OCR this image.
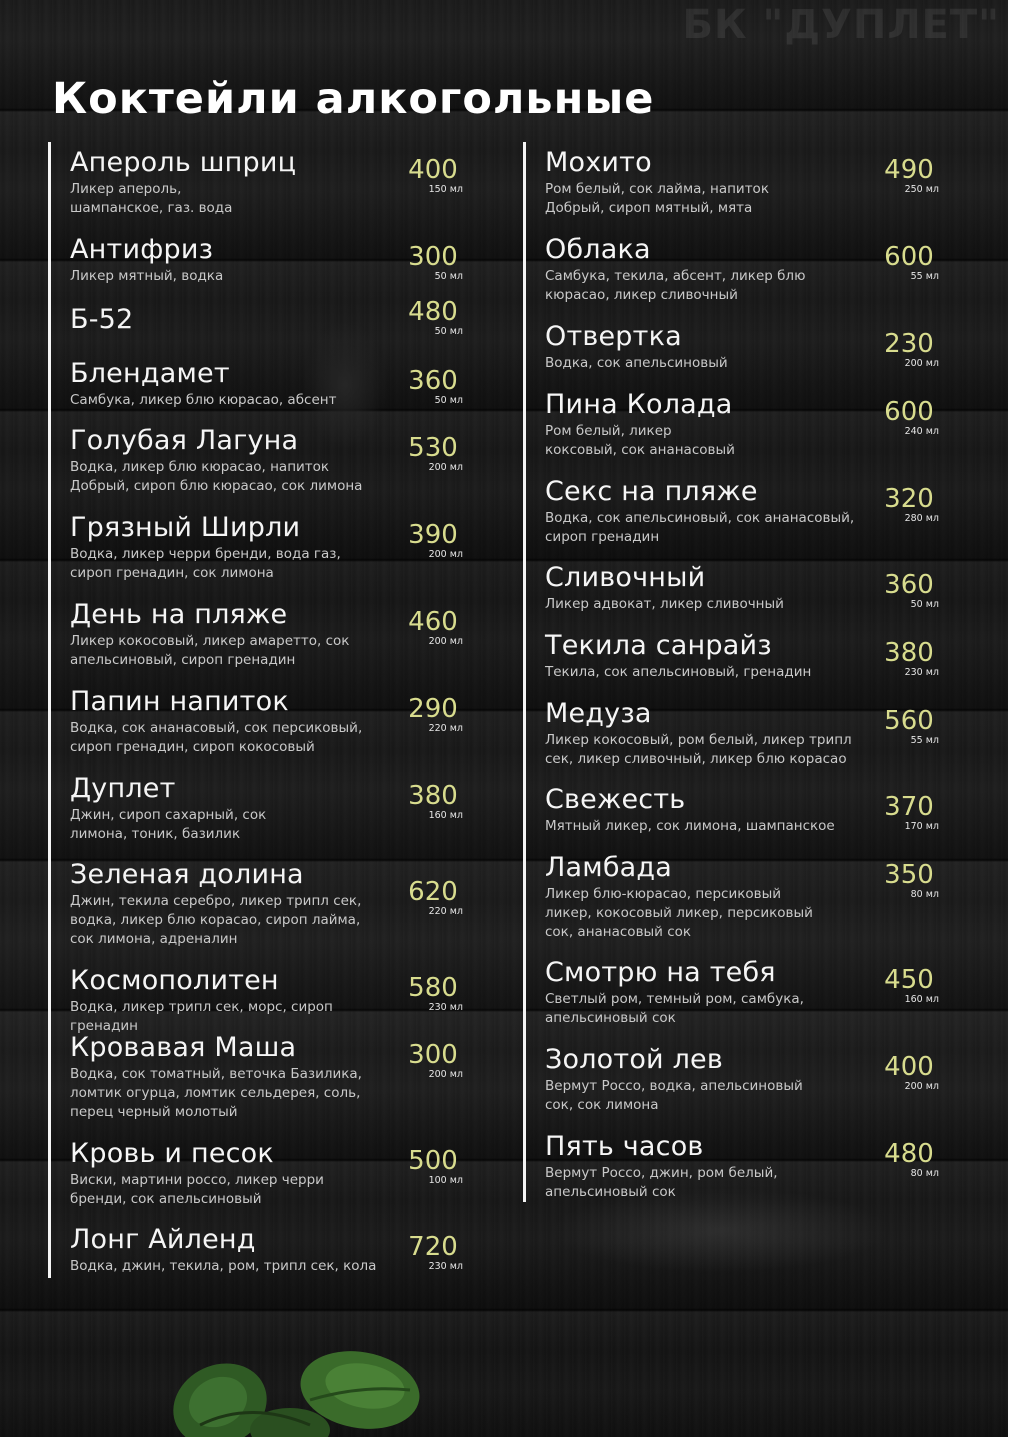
БК "ДУПЛЕТ"
Коктейли алкогольные
Апероль шприц
Ликер апероль, шампанское, газ. вода
400
150 мл
Антифриз
Ликер мятный, водка
300
50 мл
Б-52	480
50 мл
Блендамет
Самбука, ликер блю кюрасао, абсент
360
50 мл
Голубая Лагуна
Водка, ликер блю кюрасао, напиток Добрый, сироп блю кюрасао, сок лимона
530
200 мл
Грязный Ширли
Водка, ликер черри бренди, вода газ, сироп гренадин, сок лимона
390
200 мл
День на пляже
Ликер кокосовый, ликер амаретто, сок апельсиновый, сироп гренадин
460
200 мл
Папин напиток
Водка, сок ананасовый, сок персиковый, сироп гренадин, сироп кокосовый
290
220 мл
Дуплет
Джин, сироп сахарный, сок лимона, тоник, базилик
380
160 мл
Зеленая долина
Джин, текила серебро, ликер трипл сек, водка, ликер блю корасао, сироп лайма, сок лимона, адреналин
620
220 мл
Космополитен
Водка, ликер трипл сек, морс, сироп гренадин
580
230 мл
Кровавая Маша
Водка, сок томатный, веточка Базилика, ломтик огурца, ломтик сельдерея, соль, перец черный молотый
300
200 мл
Кровь и песок
Виски, мартини россо, ликер черри бренди, сок апельсиновый
500
100 мл
Лонг Айленд
Водка, джин, текила, ром, трипл сек, кола
720
230 мл
Мохито
Ром белый, сок лайма, напиток Добрый, сироп мятный, мята
490
250 мл
Облака
Самбука, текила, абсент, ликер блю кюрасао, ликер сливочный
600
55 мл
Отвертка
Водка, сок апельсиновый
230
200 мл
Пина Колада
Ром белый, ликер коксовый, сок ананасовый
600
240 мл
Секс на пляже
Водка, сок апельсиновый, сок ананасовый, сироп гренадин
320
280 мл
Сливочный
Ликер адвокат, ликер сливочный
360
50 мл
Текила санрайз
Текила, сок апельсиновый, гренадин
380
230 мл
Медуза
Ликер кокосовый, ром белый, ликер трипл сек, ликер сливочный, ликер блю корасао
560
55 мл
Свежесть
Мятный ликер, сок лимона, шампанское
370
170 мл
Ламбада
Ликер блю-кюрасао, персиковый ликер, кокосовый ликер, персиковый сок, ананасовый сок
350
80 мл
Смотрю на тебя
Светлый ром, темный ром, самбука, апельсиновый сок
450
160 мл
Золотой лев
Вермут Россо, водка, апельсиновый сок, сок лимона
400
200 мл
Пять часов
Вермут Россо, джин, ром белый, апельсиновый сок
480
80 мл
